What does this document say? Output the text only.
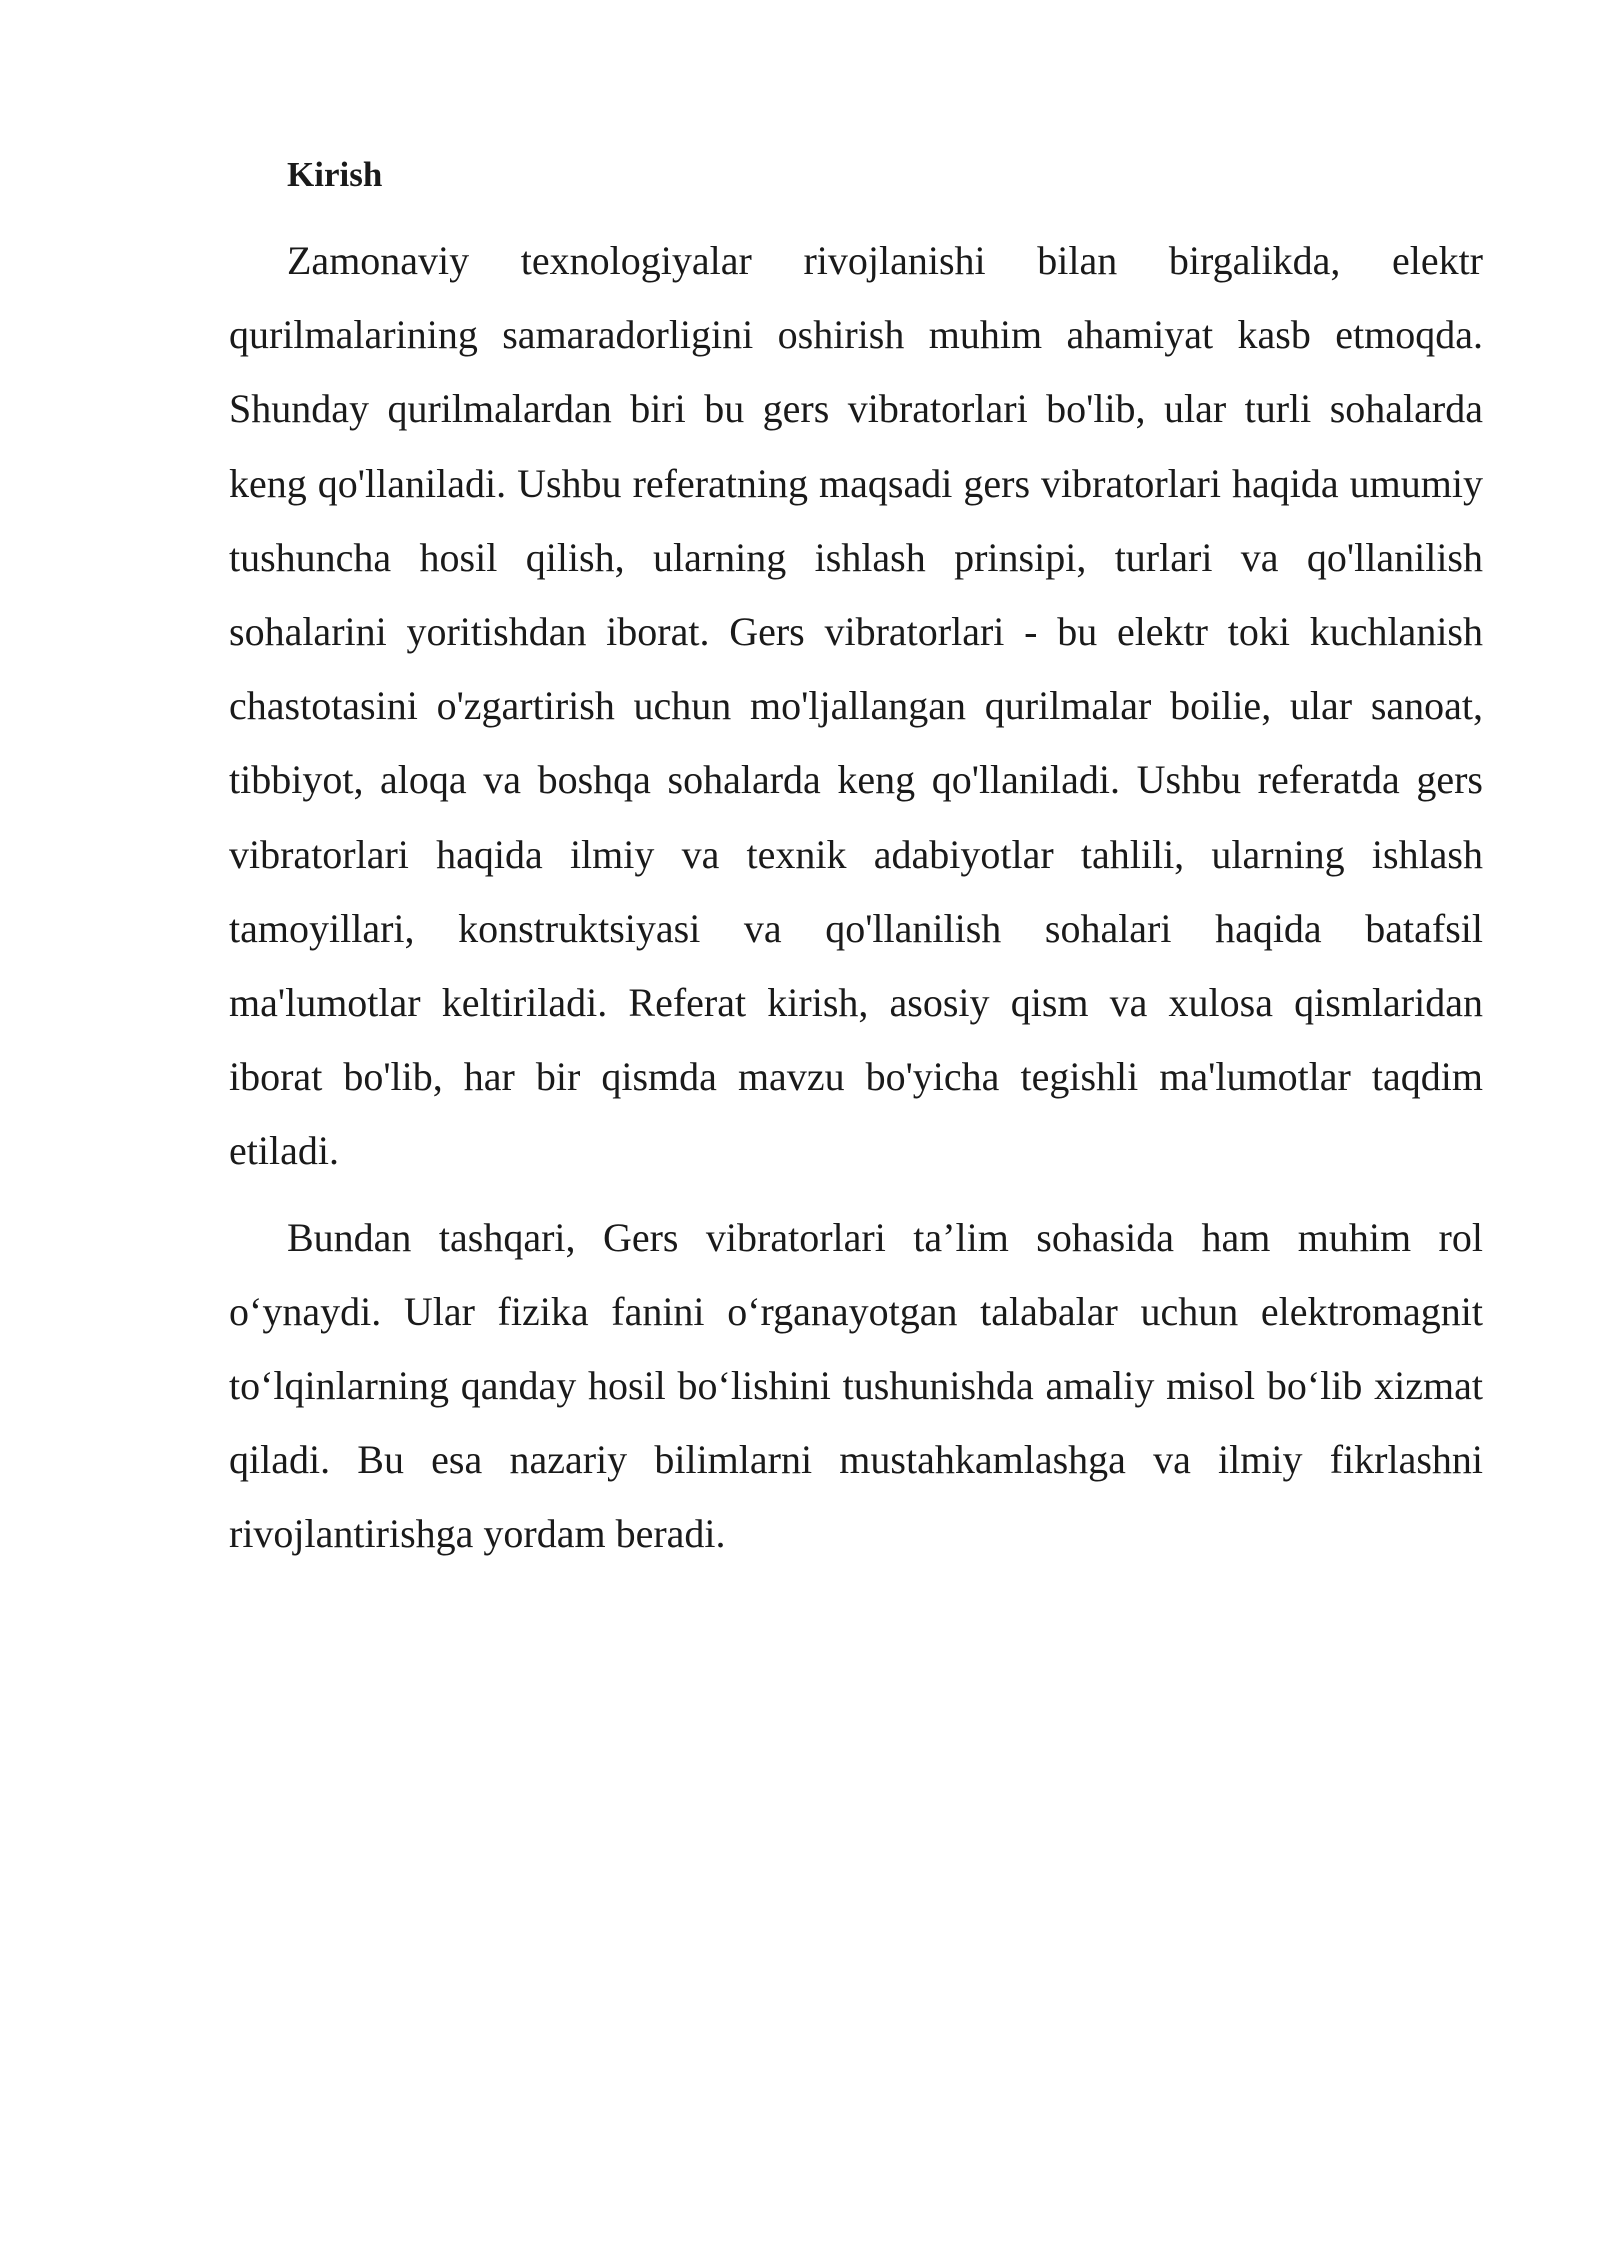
Kirish

Zamonaviy texnologiyalar rivojlanishi bilan birgalikda, elektr qurilmalarining samaradorligini oshirish muhim ahamiyat kasb etmoqda. Shunday qurilmalardan biri bu gers vibratorlari bo'lib, ular turli sohalarda keng qo'llaniladi. Ushbu referatning maqsadi gers vibratorlari haqida umumiy tushuncha hosil qilish, ularning ishlash prinsipi, turlari va qo'llanilish sohalarini yoritishdan iborat. Gers vibratorlari - bu elektr toki kuchlanish chastotasini o'zgartirish uchun mo'ljallangan qurilmalar boilie, ular sanoat, tibbiyot, aloqa va boshqa sohalarda keng qo'llaniladi. Ushbu referatda gers vibratorlari haqida ilmiy va texnik adabiyotlar tahlili, ularning ishlash tamoyillari, konstruktsiyasi va qo'llanilish sohalari haqida batafsil ma'lumotlar keltiriladi. Referat kirish, asosiy qism va xulosa qismlaridan iborat bo'lib, har bir qismda mavzu bo'yicha tegishli ma'lumotlar taqdim etiladi.

Bundan tashqari, Gers vibratorlari ta’lim sohasida ham muhim rol o‘ynaydi. Ular fizika fanini o‘rganayotgan talabalar uchun elektromagnit to‘lqinlarning qanday hosil bo‘lishini tushunishda amaliy misol bo‘lib xizmat qiladi. Bu esa nazariy bilimlarni mustahkamlashga va ilmiy fikrlashni rivojlantirishga yordam beradi.
